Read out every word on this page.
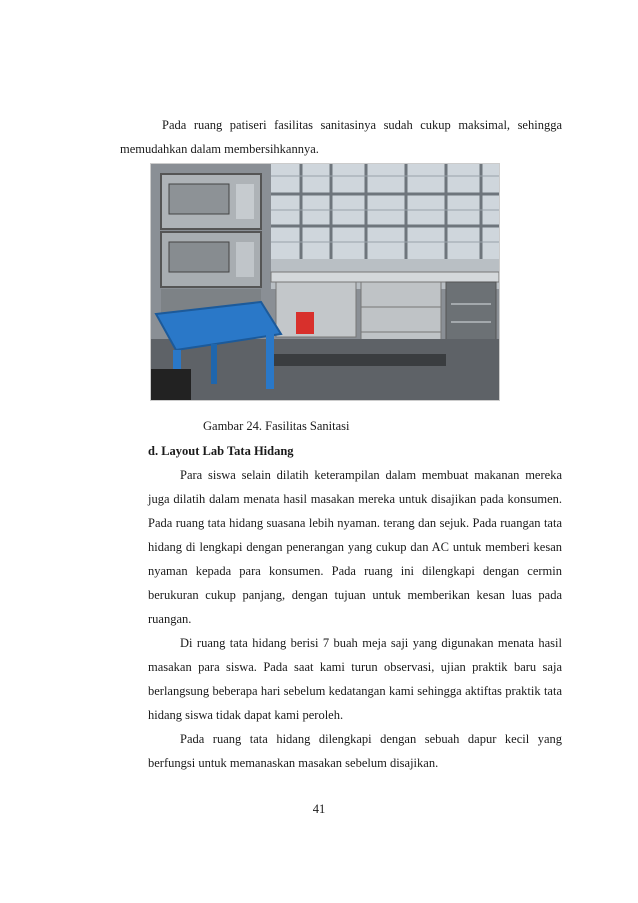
Pada ruang patiseri fasilitas sanitasinya sudah cukup maksimal, sehingga
memudahkan dalam membersihkannya.
Gambar 24. Fasilitas Sanitasi
d. Layout Lab Tata Hidang
Para siswa selain dilatih keterampilan dalam membuat makanan mereka
juga dilatih dalam menata hasil masakan mereka untuk disajikan pada konsumen.
Pada ruang tata hidang suasana lebih nyaman. terang dan sejuk. Pada ruangan tata
hidang di lengkapi dengan penerangan yang cukup dan AC untuk memberi kesan
nyaman kepada para konsumen. Pada ruang ini dilengkapi dengan cermin
berukuran cukup panjang, dengan tujuan untuk memberikan kesan luas pada
ruangan.
Di ruang tata hidang berisi 7 buah meja saji yang digunakan menata hasil
masakan para siswa. Pada saat kami turun observasi, ujian praktik baru saja
berlangsung beberapa hari sebelum kedatangan kami sehingga aktiftas praktik tata
hidang siswa tidak dapat kami peroleh.
Pada ruang tata hidang dilengkapi dengan sebuah dapur kecil yang
berfungsi untuk memanaskan masakan sebelum disajikan.
41
